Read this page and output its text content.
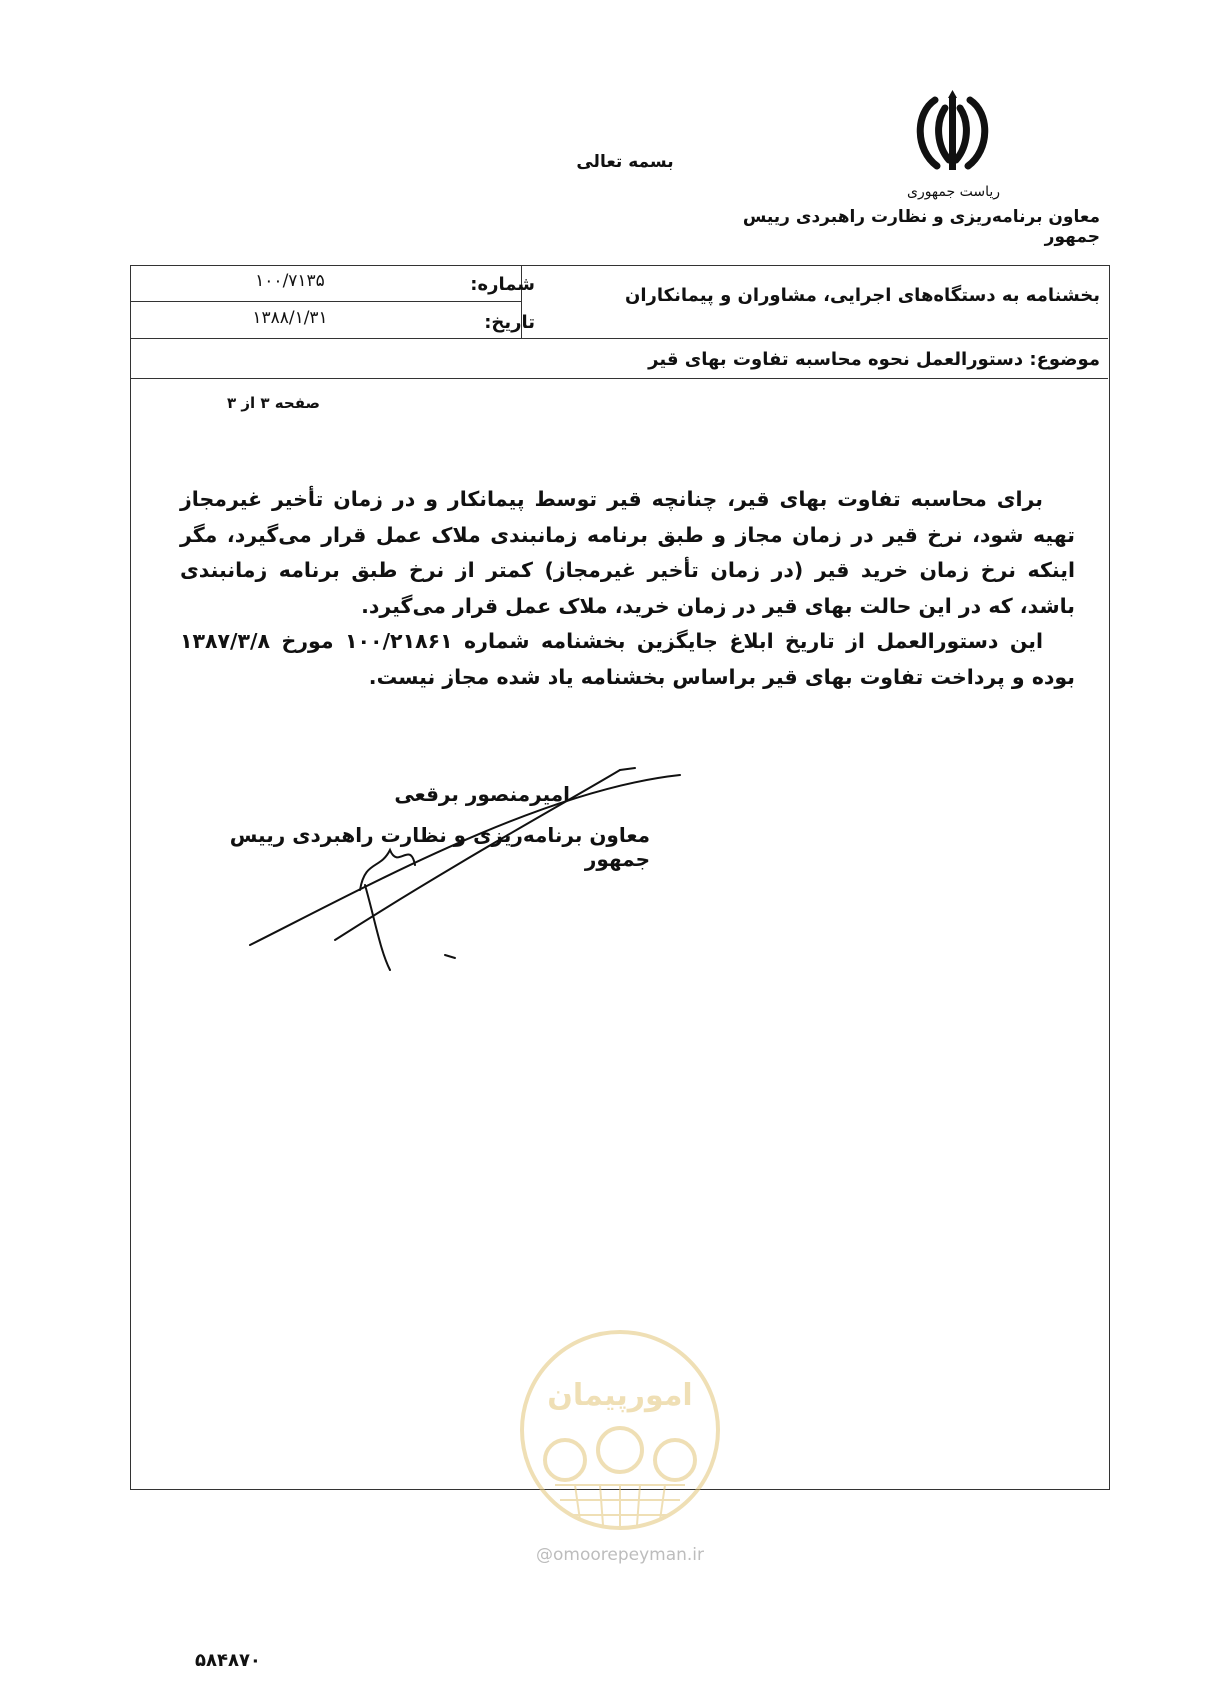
ریاست جمهوری
معاون برنامه‌ریزی و نظارت راهبردی رییس جمهور
بسمه تعالی
بخشنامه به دستگاه‌های اجرایی، مشاوران و پیمانکاران
شماره:
۱۰۰/۷۱۳۵
تاریخ:
۱۳۸۸/۱/۳۱
موضوع: دستورالعمل نحوه محاسبه تفاوت بهای قیر
صفحه ۳ از ۳

برای محاسبه تفاوت بهای قیر، چنانچه قیر توسط پیمانکار و در زمان تأخیر غیرمجاز تهیه شود، نرخ قیر در زمان مجاز و طبق برنامه زمانبندی ملاک عمل قرار می‌گیرد، مگر اینکه نرخ زمان خرید قیر (در زمان تأخیر غیرمجاز) کمتر از نرخ طبق برنامه زمانبندی باشد، که در این حالت بهای قیر در زمان خرید، ملاک عمل قرار می‌گیرد.

این دستورالعمل از تاریخ ابلاغ جایگزین بخشنامه شماره ۱۰۰/۲۱۸۶۱ مورخ ۱۳۸۷/۳/۸ بوده و پرداخت تفاوت بهای قیر براساس بخشنامه یاد شده مجاز نیست.

امیرمنصور برقعی
معاون برنامه‌ریزی و نظارت راهبردی رییس جمهور
امورپیمان
@omoorepeyman.ir
۵۸۴۸۷۰
